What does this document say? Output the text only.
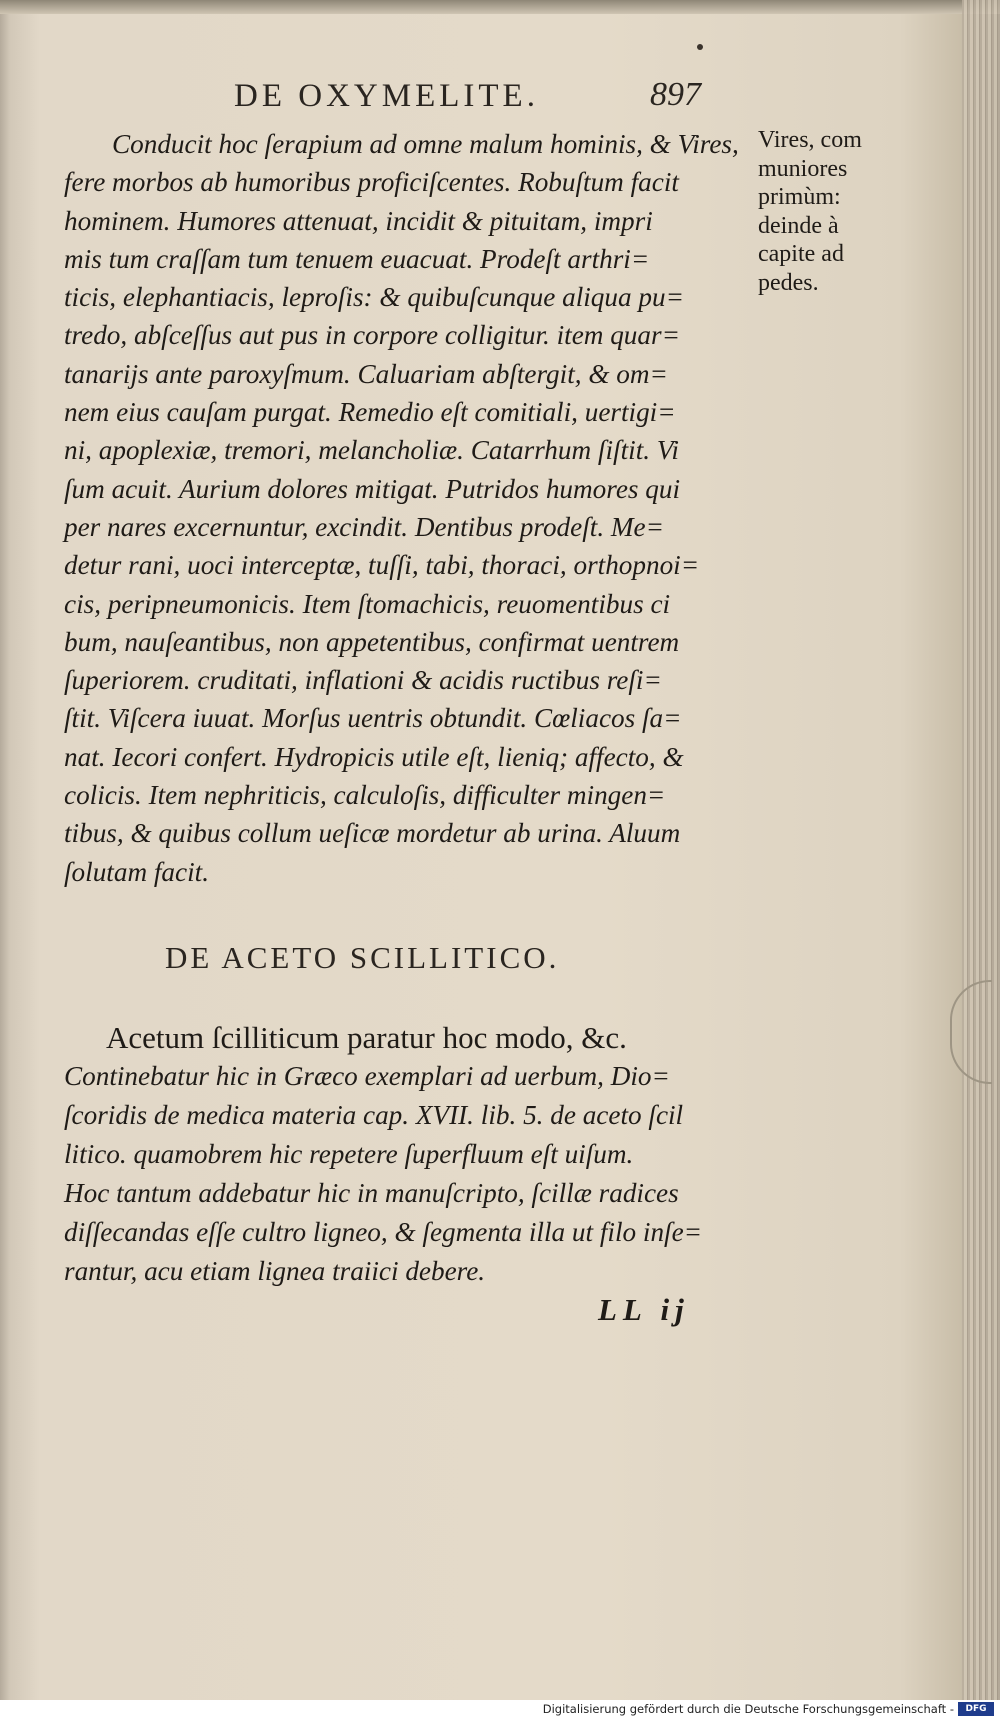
DE OXYMELITE.	897
Conducit hoc ſerapium ad omne malum hominis, & Vires,
fere morbos ab humoribus proficiſcentes. Robuſtum facit
hominem. Humores attenuat, incidit & pituitam, impri
mis tum craſſam tum tenuem euacuat. Prodeſt arthri=
ticis, elephantiacis, leproſis: & quibuſcunque aliqua pu=
tredo, abſceſſus aut pus in corpore colligitur. item quar=
tanarijs ante paroxyſmum. Caluariam abſtergit, & om=
nem eius cauſam purgat. Remedio eſt comitiali, uertigi=
ni, apoplexiæ, tremori, melancholiæ. Catarrhum ſiſtit. Vi
ſum acuit. Aurium dolores mitigat. Putridos humores qui
per nares excernuntur, excindit. Dentibus prodeſt. Me=
detur rani, uoci interceptæ, tuſſi, tabi, thoraci, orthopnoi=
cis, peripneumonicis. Item ſtomachicis, reuomentibus ci
bum, nauſeantibus, non appetentibus, confirmat uentrem
ſuperiorem. cruditati, inflationi & acidis ructibus reſi=
ſtit. Viſcera iuuat. Morſus uentris obtundit. Cœliacos ſa=
nat. Iecori confert. Hydropicis utile eſt, lieniq; affecto, &
colicis. Item nephriticis, calculoſis, difficulter mingen=
tibus, & quibus collum ueſicæ mordetur ab urina. Aluum
ſolutam facit.
Vires, com
muniores
primùm:
deinde à
capite ad
pedes.
DE ACETO SCILLITICO.
Acetum ſcilliticum paratur hoc modo, &c.
Continebatur hic in Græco exemplari ad uerbum, Dio=
ſcoridis de medica materia cap. XVII. lib. 5. de aceto ſcil
litico. quamobrem hic repetere ſuperfluum eſt uiſum.
Hoc tantum addebatur hic in manuſcripto, ſcillæ radices
diſſecandas eſſe cultro ligneo, & ſegmenta illa ut filo inſe=
rantur, acu etiam lignea traiici debere.
LL ij
Digitalisierung gefördert durch die Deutsche Forschungsgemeinschaft -	DFG
